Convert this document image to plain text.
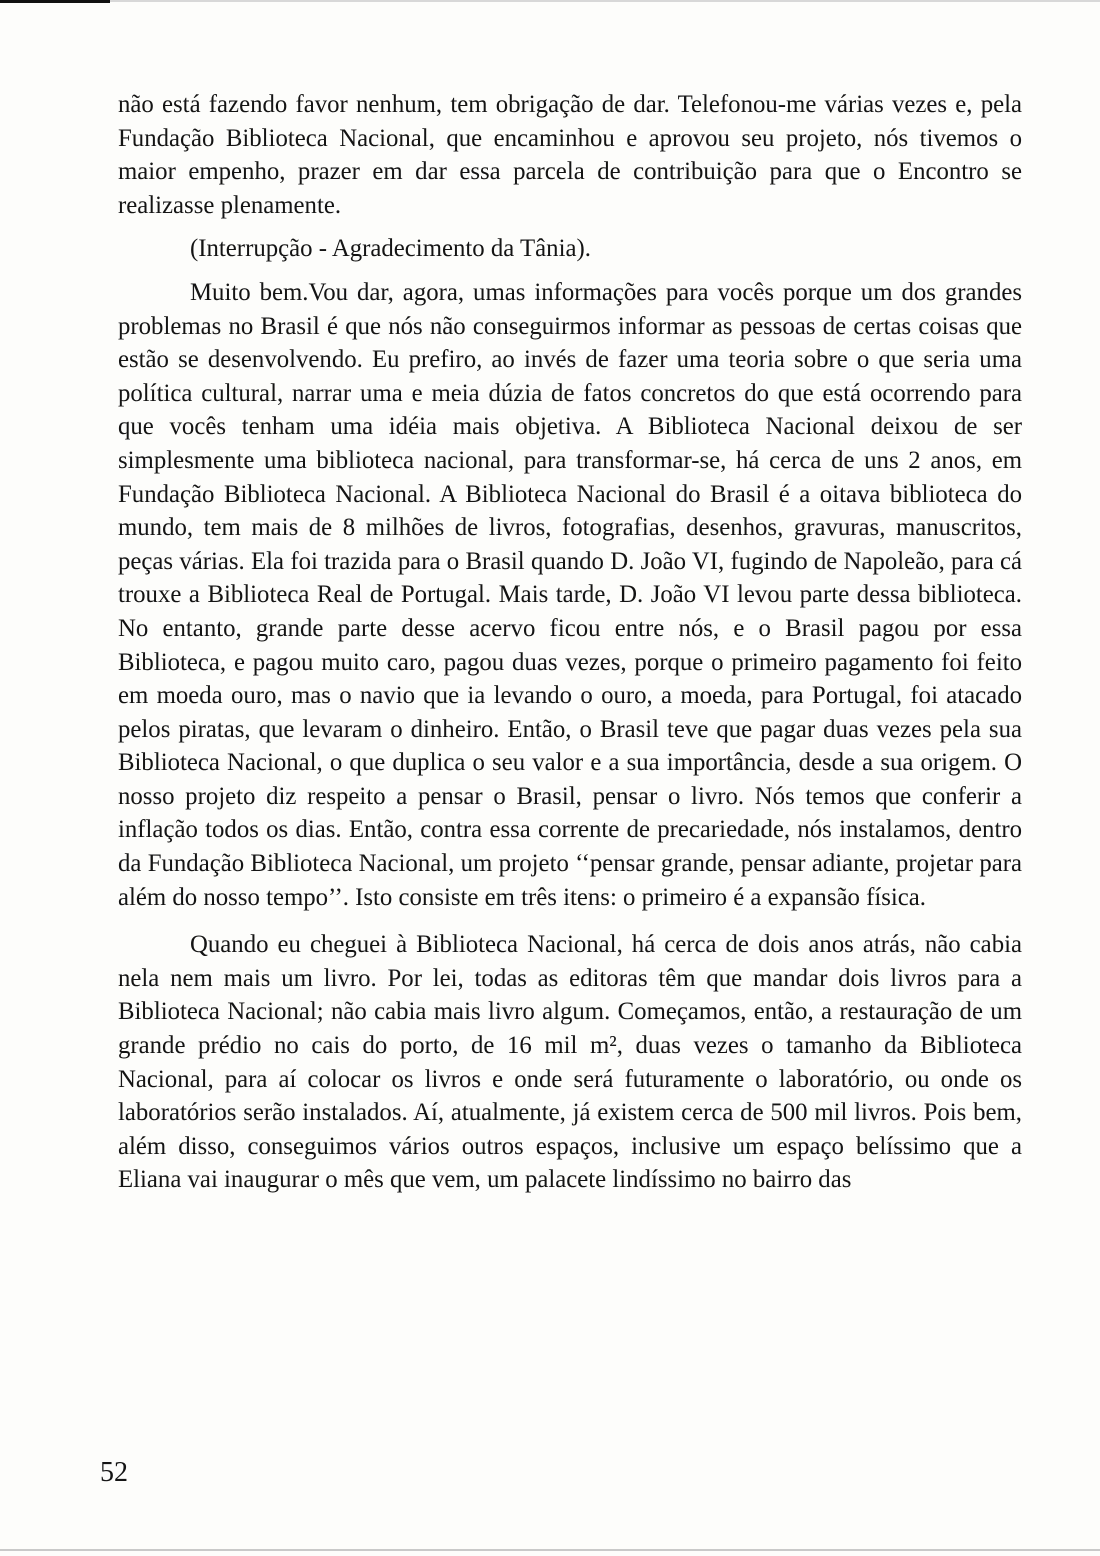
não está fazendo favor nenhum, tem obrigação de dar. Telefonou-me várias vezes e, pela Fundação Biblioteca Nacional, que encaminhou e aprovou seu projeto, nós tivemos o maior empenho, prazer em dar essa parcela de contribuição para que o Encontro se realizasse plenamente.

(Interrupção - Agradecimento da Tânia).

Muito bem.Vou dar, agora, umas informações para vocês porque um dos grandes problemas no Brasil é que nós não conseguirmos informar as pessoas de certas coisas que estão se desenvolvendo. Eu prefiro, ao invés de fazer uma teoria sobre o que seria uma política cultural, narrar uma e meia dúzia de fatos concretos do que está ocorrendo para que vocês tenham uma idéia mais objetiva. A Biblioteca Nacional deixou de ser simplesmente uma biblioteca nacional, para transformar-se, há cerca de uns 2 anos, em Fundação Biblioteca Nacional. A Biblioteca Nacional do Brasil é a oitava biblioteca do mundo, tem mais de 8 milhões de livros, fotografias, desenhos, gravuras, manuscritos, peças várias. Ela foi trazida para o Brasil quando D. João VI, fugindo de Napoleão, para cá trouxe a Biblioteca Real de Portugal. Mais tarde, D. João VI levou parte dessa biblioteca. No entanto, grande parte desse acervo ficou entre nós, e o Brasil pagou por essa Biblioteca, e pagou muito caro, pagou duas vezes, porque o primeiro pagamento foi feito em moeda ouro, mas o navio que ia levando o ouro, a moeda, para Portugal, foi atacado pelos piratas, que levaram o dinheiro. Então, o Brasil teve que pagar duas vezes pela sua Biblioteca Nacional, o que duplica o seu valor e a sua importância, desde a sua origem. O nosso projeto diz respeito a pensar o Brasil, pensar o livro. Nós temos que conferir a inflação todos os dias. Então, contra essa corrente de precariedade, nós instalamos, dentro da Fundação Biblioteca Nacional, um projeto ‘‘pensar grande, pensar adiante, projetar para além do nosso tempo’’. Isto consiste em três itens: o primeiro é a expansão física.

Quando eu cheguei à Biblioteca Nacional, há cerca de dois anos atrás, não cabia nela nem mais um livro. Por lei, todas as editoras têm que mandar dois livros para a Biblioteca Nacional; não cabia mais livro algum. Começamos, então, a restauração de um grande prédio no cais do porto, de 16 mil m², duas vezes o tamanho da Biblioteca Nacional, para aí colocar os livros e onde será futuramente o laboratório, ou onde os laboratórios serão instalados. Aí, atualmente, já existem cerca de 500 mil livros. Pois bem, além disso, conseguimos vários outros espaços, inclusive um espaço belíssimo que a Eliana vai inaugurar o mês que vem, um palacete lindíssimo no bairro das

52
